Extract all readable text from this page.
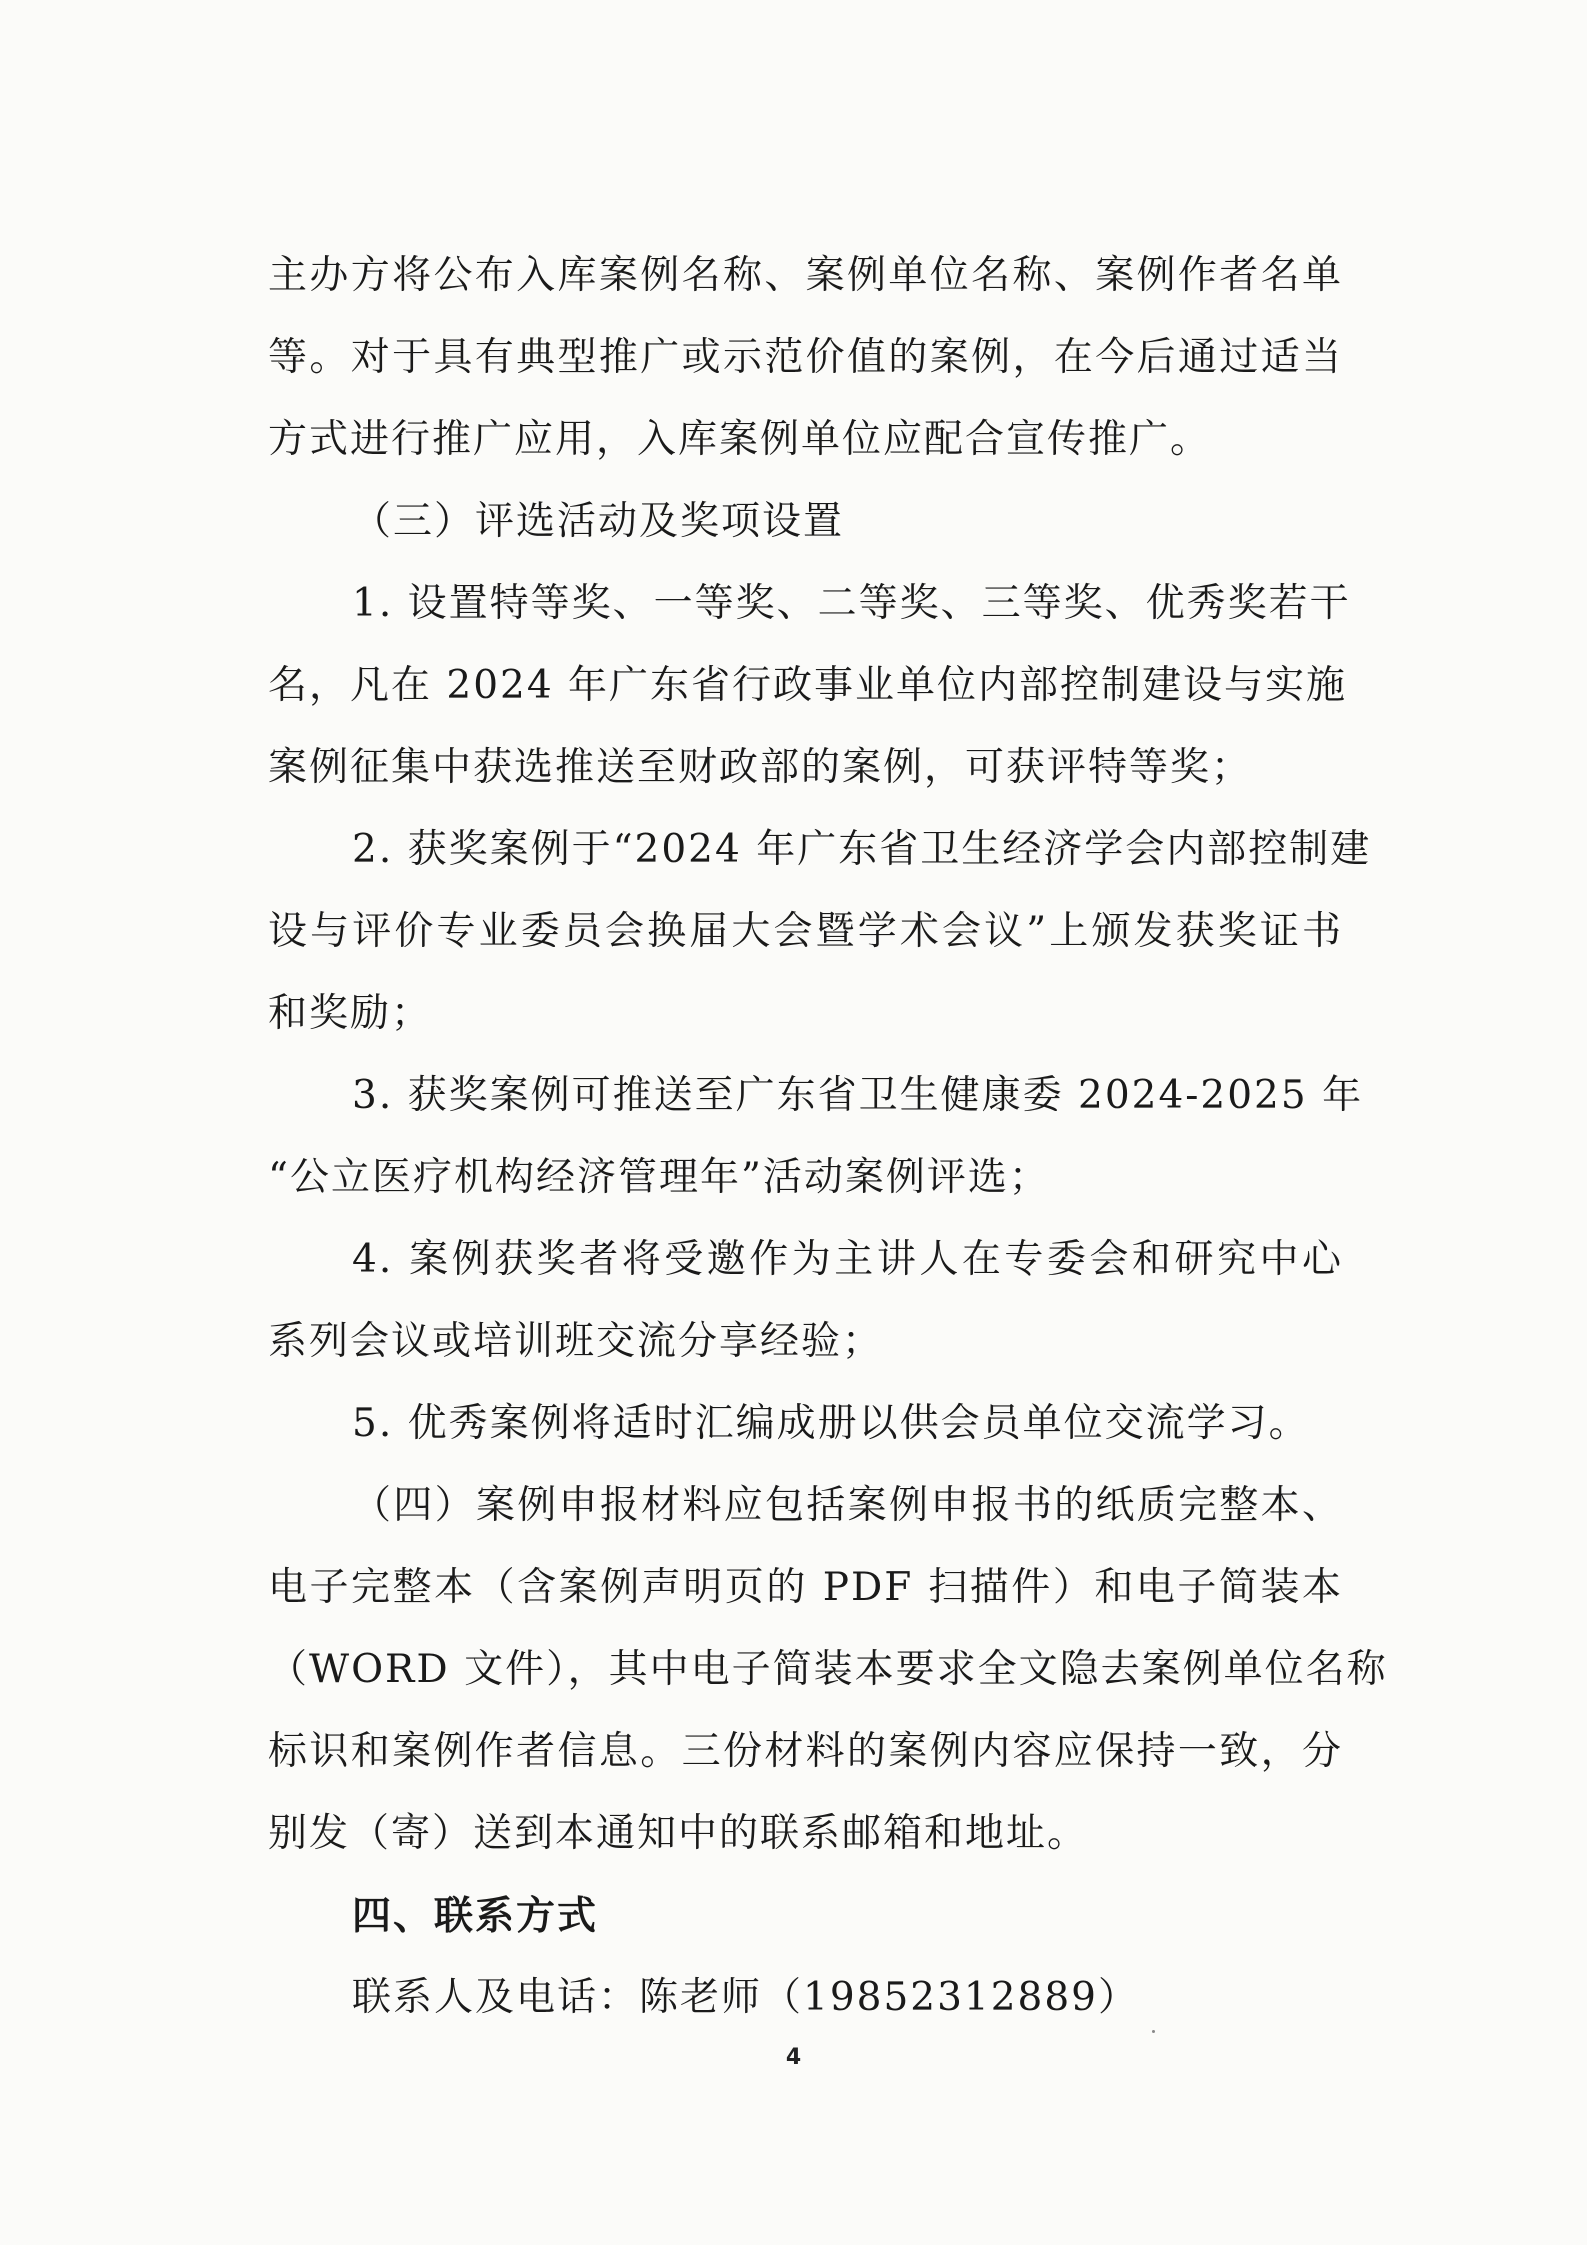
主办方将公布入库案例名称、案例单位名称、案例作者名单
等。对于具有典型推广或示范价值的案例，在今后通过适当
方式进行推广应用，入库案例单位应配合宣传推广。
（三）评选活动及奖项设置
1. 设置特等奖、一等奖、二等奖、三等奖、优秀奖若干
名，凡在 2024 年广东省行政事业单位内部控制建设与实施
案例征集中获选推送至财政部的案例，可获评特等奖；
2. 获奖案例于“2024 年广东省卫生经济学会内部控制建
设与评价专业委员会换届大会暨学术会议”上颁发获奖证书
和奖励；
3. 获奖案例可推送至广东省卫生健康委 2024-2025 年
“公立医疗机构经济管理年”活动案例评选；
4. 案例获奖者将受邀作为主讲人在专委会和研究中心
系列会议或培训班交流分享经验；
5. 优秀案例将适时汇编成册以供会员单位交流学习。
（四）案例申报材料应包括案例申报书的纸质完整本、
电子完整本（含案例声明页的 PDF 扫描件）和电子简装本
（WORD 文件），其中电子简装本要求全文隐去案例单位名称
标识和案例作者信息。三份材料的案例内容应保持一致，分
别发（寄）送到本通知中的联系邮箱和地址。
四、联系方式
联系人及电话：陈老师（19852312889）
4
